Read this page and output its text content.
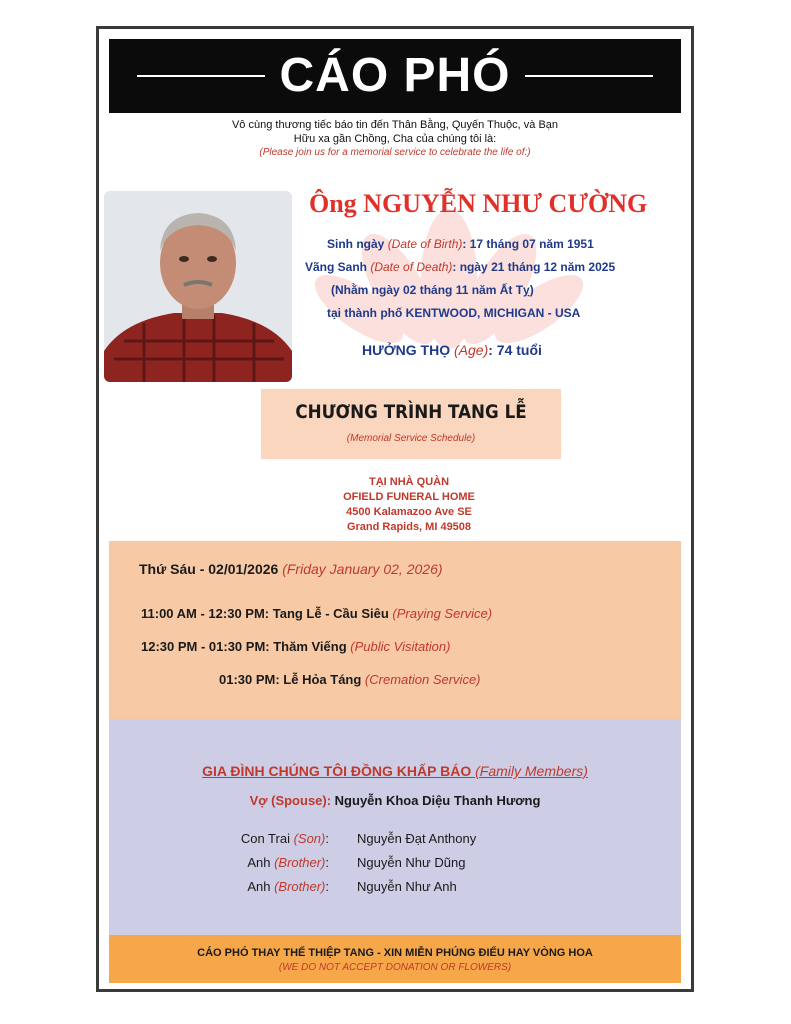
CÁO PHÓ
Vô cùng thương tiếc báo tin đến Thân Bằng, Quyến Thuộc, và Bạn
Hữu xa gần Chồng, Cha của chúng tôi là:
(Please join us for a memorial service to celebrate the life of:)
Ông NGUYỄN NHƯ CƯỜNG
Sinh ngày (Date of Birth): 17 tháng 07 năm 1951
Vãng Sanh (Date of Death): ngày 21 tháng 12 năm 2025
(Nhằm ngày 02 tháng 11 năm Ất Tỵ)
tại thành phố KENTWOOD, MICHIGAN - USA
HƯỞNG THỌ (Age): 74 tuổi
CHƯƠNG TRÌNH TANG LỄ
(Memorial Service Schedule)
TẠI NHÀ QUÀN
OFIELD FUNERAL HOME
4500 Kalamazoo Ave SE
Grand Rapids, MI 49508
Thứ Sáu - 02/01/2026 (Friday January 02, 2026)
11:00 AM - 12:30 PM: Tang Lễ - Cầu Siêu (Praying Service)
12:30 PM - 01:30 PM: Thăm Viếng (Public Visitation)
01:30 PM: Lễ Hỏa Táng (Cremation Service)
GIA ĐÌNH CHÚNG TÔI ĐỒNG KHẤP BÁO (Family Members)
Vợ (Spouse): Nguyễn Khoa Diệu Thanh Hương
Con Trai (Son): Nguyễn Đạt Anthony
Anh (Brother): Nguyễn Như Dũng
Anh (Brother): Nguyễn Như Anh
CÁO PHÓ THAY THẾ THIỆP TANG - XIN MIỄN PHÚNG ĐIẾU HAY VÒNG HOA
(WE DO NOT ACCEPT DONATION OR FLOWERS)
